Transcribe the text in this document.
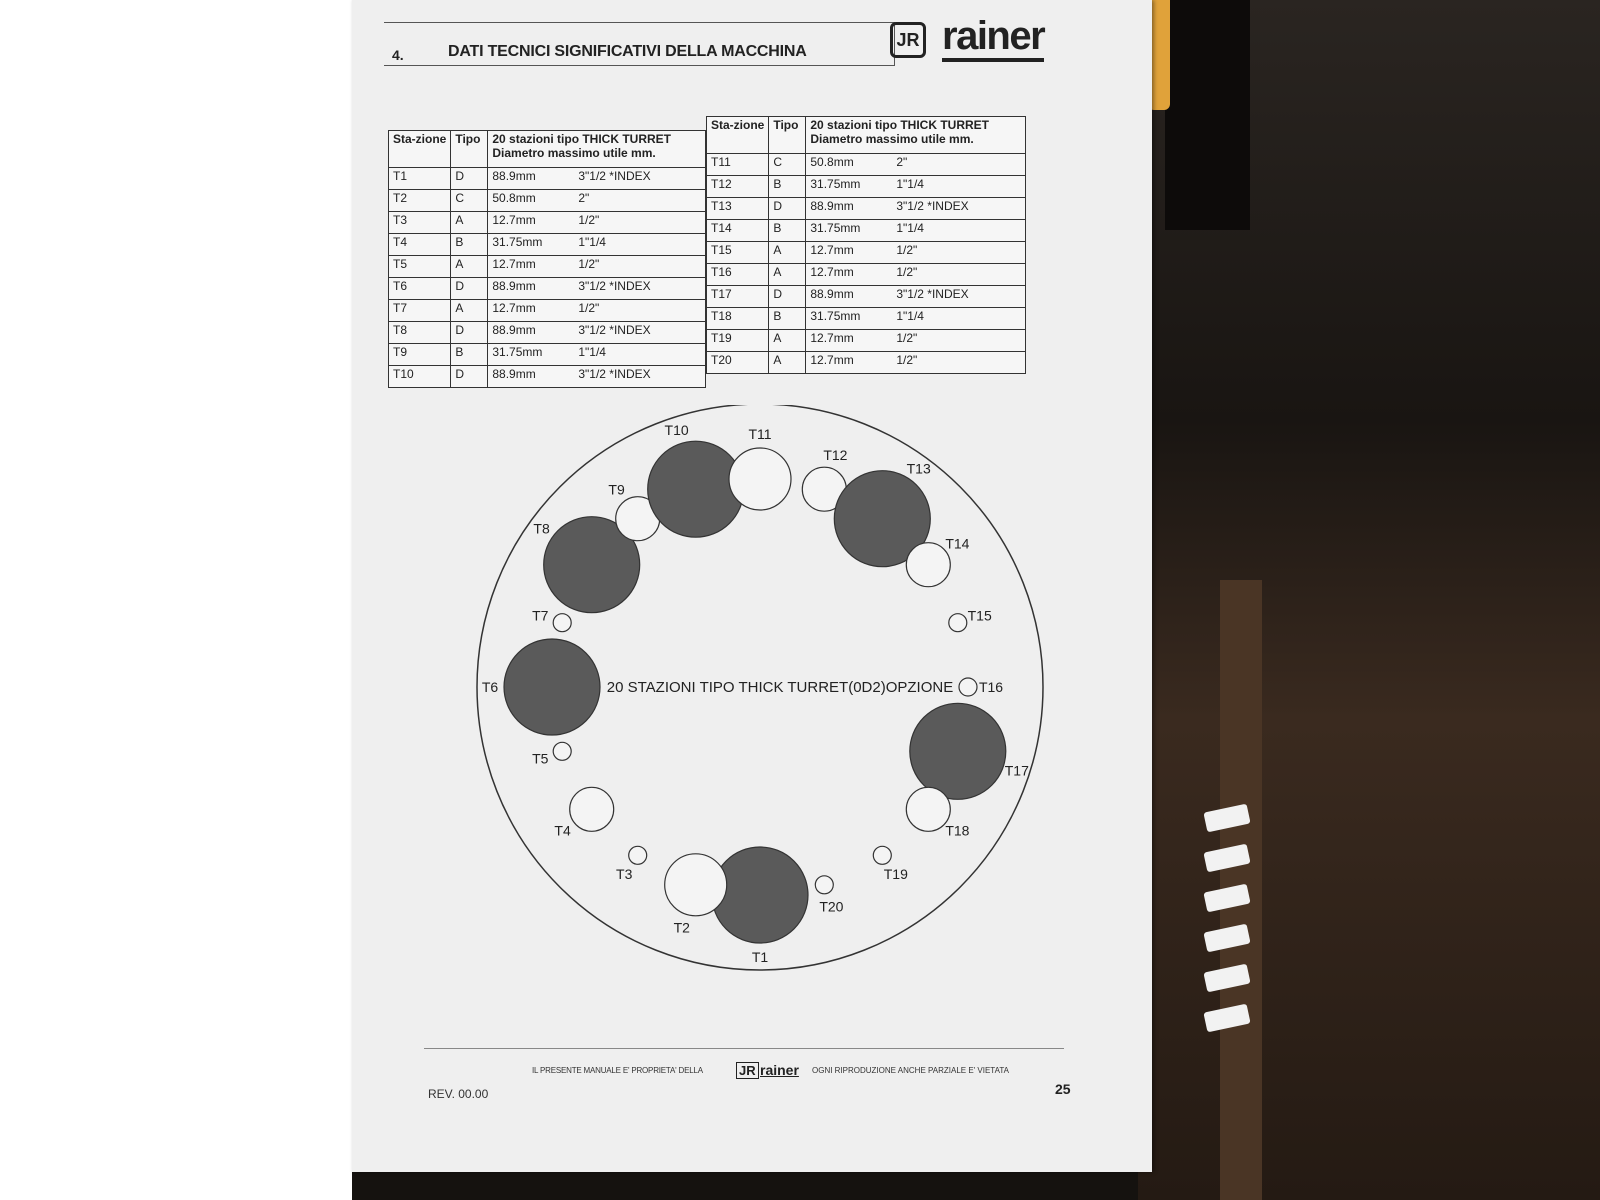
4.	DATI TECNICI SIGNIFICATIVI DELLA MACCHINA
JR rainer
Sta-zione	Tipo	20 stazioni tipo THICK TURRET
Diametro massimo utile mm.

T1	D	88.9mm 3"1/2 *INDEX
T2	C	50.8mm 2"
T3	A	12.7mm 1/2"
T4	B	31.75mm 1"1/4
T5	A	12.7mm 1/2"
T6	D	88.9mm 3"1/2 *INDEX
T7	A	12.7mm 1/2"
T8	D	88.9mm 3"1/2 *INDEX
T9	B	31.75mm 1"1/4
T10	D	88.9mm 3"1/2 *INDEX
Sta-zione	Tipo	20 stazioni tipo THICK TURRET
Diametro massimo utile mm.

T11	C	50.8mm 2"
T12	B	31.75mm 1"1/4
T13	D	88.9mm 3"1/2 *INDEX
T14	B	31.75mm 1"1/4
T15	A	12.7mm 1/2"
T16	A	12.7mm 1/2"
T17	D	88.9mm 3"1/2 *INDEX
T18	B	31.75mm 1"1/4
T19	A	12.7mm 1/2"
T20	A	12.7mm 1/2"
T1
T2
T3
T4
T5
T6
T7
T8
T9
T10	T11
T12
T13
T14
T15
T16
T17
T18
T19
T20
20 STAZIONI TIPO THICK TURRET(0D2)OPZIONE
IL PRESENTE MANUALE E' PROPRIETA' DELLA	JR rainer OGNI RIPRODUZIONE ANCHE PARZIALE E' VIETATA
REV. 00.00	25
